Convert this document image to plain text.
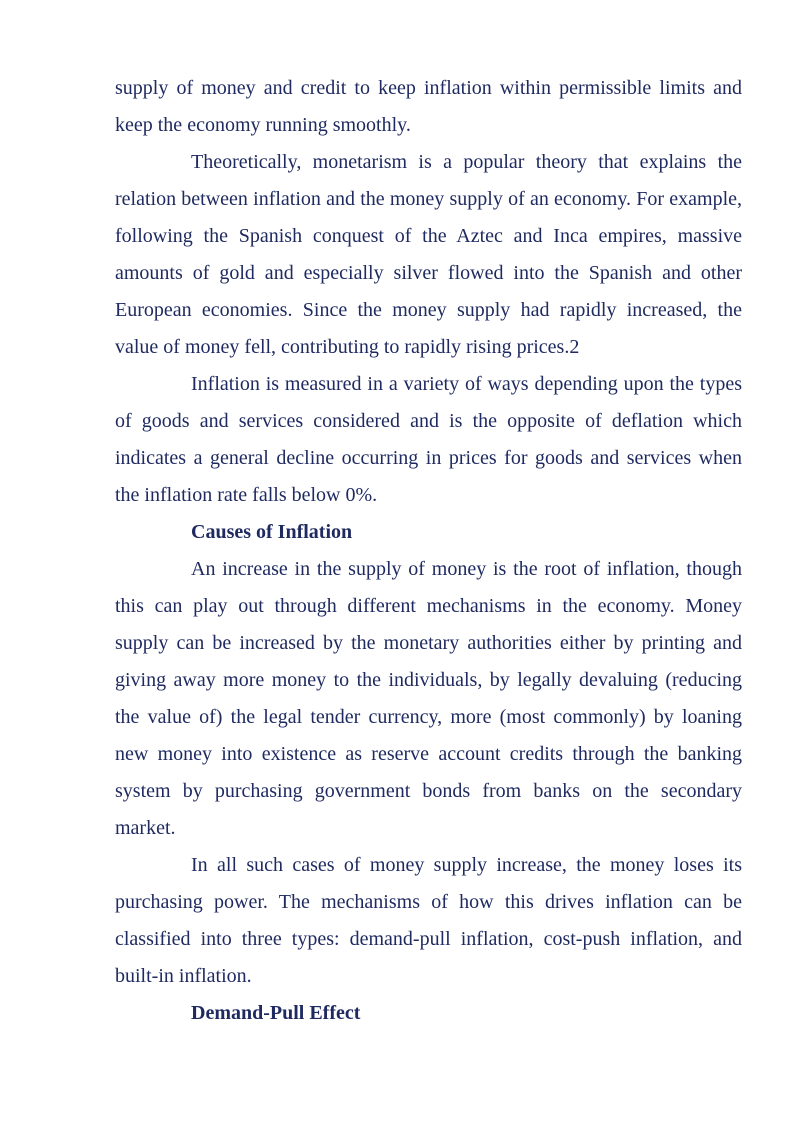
supply of money and credit to keep inflation within permissible limits and keep the economy running smoothly.

Theoretically, monetarism is a popular theory that explains the relation between inflation and the money supply of an economy. For example, following the Spanish conquest of the Aztec and Inca empires, massive amounts of gold and especially silver flowed into the Spanish and other European economies. Since the money supply had rapidly increased, the value of money fell, contributing to rapidly rising prices.2

Inflation is measured in a variety of ways depending upon the types of goods and services considered and is the opposite of deflation which indicates a general decline occurring in prices for goods and services when the inflation rate falls below 0%.

Causes of Inflation

An increase in the supply of money is the root of inflation, though this can play out through different mechanisms in the economy. Money supply can be increased by the monetary authorities either by printing and giving away more money to the individuals, by legally devaluing (reducing the value of) the legal tender currency, more (most commonly) by loaning new money into existence as reserve account credits through the banking system by purchasing government bonds from banks on the secondary market.

In all such cases of money supply increase, the money loses its purchasing power. The mechanisms of how this drives inflation can be classified into three types: demand-pull inflation, cost-push inflation, and built-in inflation.

Demand-Pull Effect
